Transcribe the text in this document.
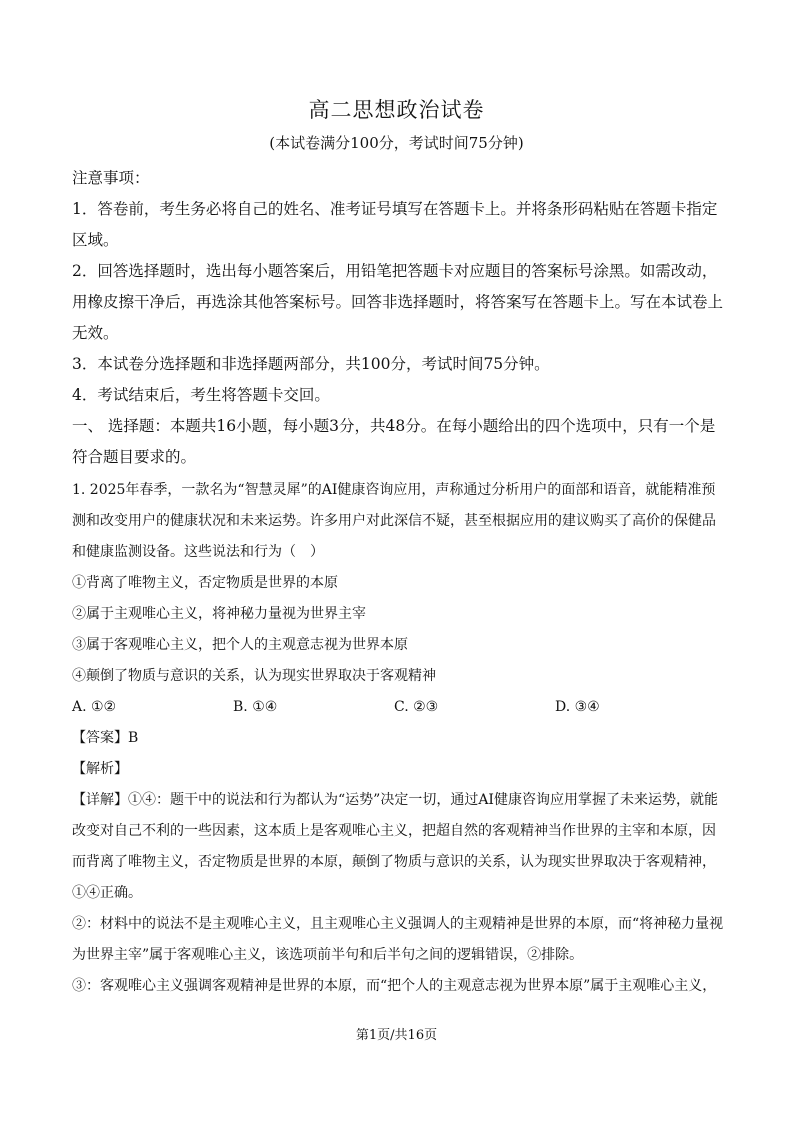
高二思想政治试卷
(本试卷满分100分，考试时间75分钟)

注意事项：

1．答卷前，考生务必将自己的姓名、准考证号填写在答题卡上。并将条形码粘贴在答题卡指定区域。

2．回答选择题时，选出每小题答案后，用铅笔把答题卡对应题目的答案标号涂黑。如需改动，用橡皮擦干净后，再选涂其他答案标号。回答非选择题时，将答案写在答题卡上。写在本试卷上无效。

3．本试卷分选择题和非选择题两部分，共100分，考试时间75分钟。

4．考试结束后，考生将答题卡交回。

一、 选择题：本题共16小题，每小题3分，共48分。在每小题给出的四个选项中，只有一个是符合题目要求的。

1. 2025年春季，一款名为“智慧灵犀”的AI健康咨询应用，声称通过分析用户的面部和语音，就能精准预测和改变用户的健康状况和未来运势。许多用户对此深信不疑，甚至根据应用的建议购买了高价的保健品和健康监测设备。这些说法和行为（　）

①背离了唯物主义，否定物质是世界的本原

②属于主观唯心主义，将神秘力量视为世界主宰

③属于客观唯心主义，把个人的主观意志视为世界本原

④颠倒了物质与意识的关系，认为现实世界取决于客观精神

A. ①②	B. ①④	C. ②③	D. ③④

【答案】B

【解析】

【详解】①④：题干中的说法和行为都认为“运势”决定一切，通过AI健康咨询应用掌握了未来运势，就能改变对自己不利的一些因素，这本质上是客观唯心主义，把超自然的客观精神当作世界的主宰和本原，因而背离了唯物主义，否定物质是世界的本原，颠倒了物质与意识的关系，认为现实世界取决于客观精神，①④正确。

②：材料中的说法不是主观唯心主义，且主观唯心主义强调人的主观精神是世界的本原，而“将神秘力量视为世界主宰”属于客观唯心主义，该选项前半句和后半句之间的逻辑错误，②排除。

③：客观唯心主义强调客观精神是世界的本原，而“把个人的主观意志视为世界本原”属于主观唯心主义，

第1页/共16页
